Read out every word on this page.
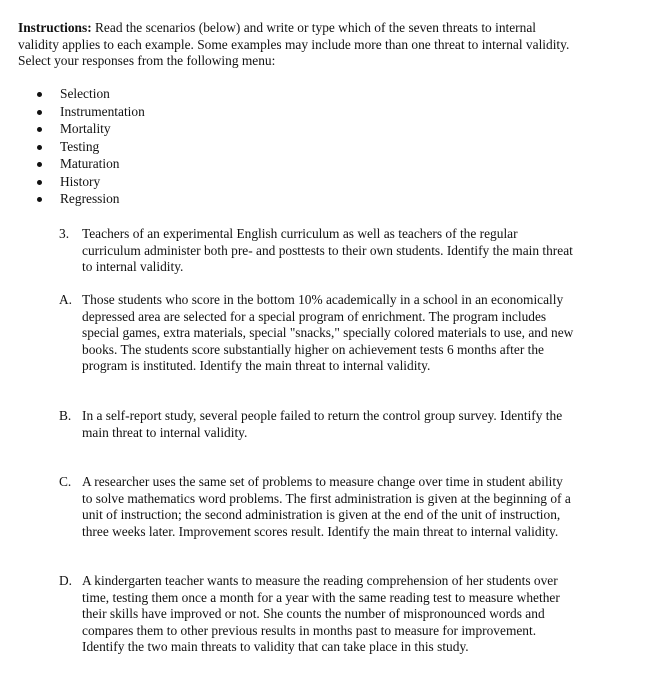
Instructions: Read the scenarios (below) and write or type which of the seven threats to internal validity applies to each example. Some examples may include more than one threat to internal validity. Select your responses from the following menu:

Selection
Instrumentation
Mortality
Testing
Maturation
History
Regression
3. Teachers of an experimental English curriculum as well as teachers of the regular curriculum administer both pre- and posttests to their own students. Identify the main threat to internal validity.
A. Those students who score in the bottom 10% academically in a school in an economically depressed area are selected for a special program of enrichment. The program includes special games, extra materials, special "snacks," specially colored materials to use, and new books. The students score substantially higher on achievement tests 6 months after the program is instituted. Identify the main threat to internal validity.
B. In a self-report study, several people failed to return the control group survey. Identify the main threat to internal validity.
C. A researcher uses the same set of problems to measure change over time in student ability to solve mathematics word problems. The first administration is given at the beginning of a unit of instruction; the second administration is given at the end of the unit of instruction, three weeks later. Improvement scores result. Identify the main threat to internal validity.
D. A kindergarten teacher wants to measure the reading comprehension of her students over time, testing them once a month for a year with the same reading test to measure whether their skills have improved or not. She counts the number of mispronounced words and compares them to other previous results in months past to measure for improvement. Identify the two main threats to validity that can take place in this study.
